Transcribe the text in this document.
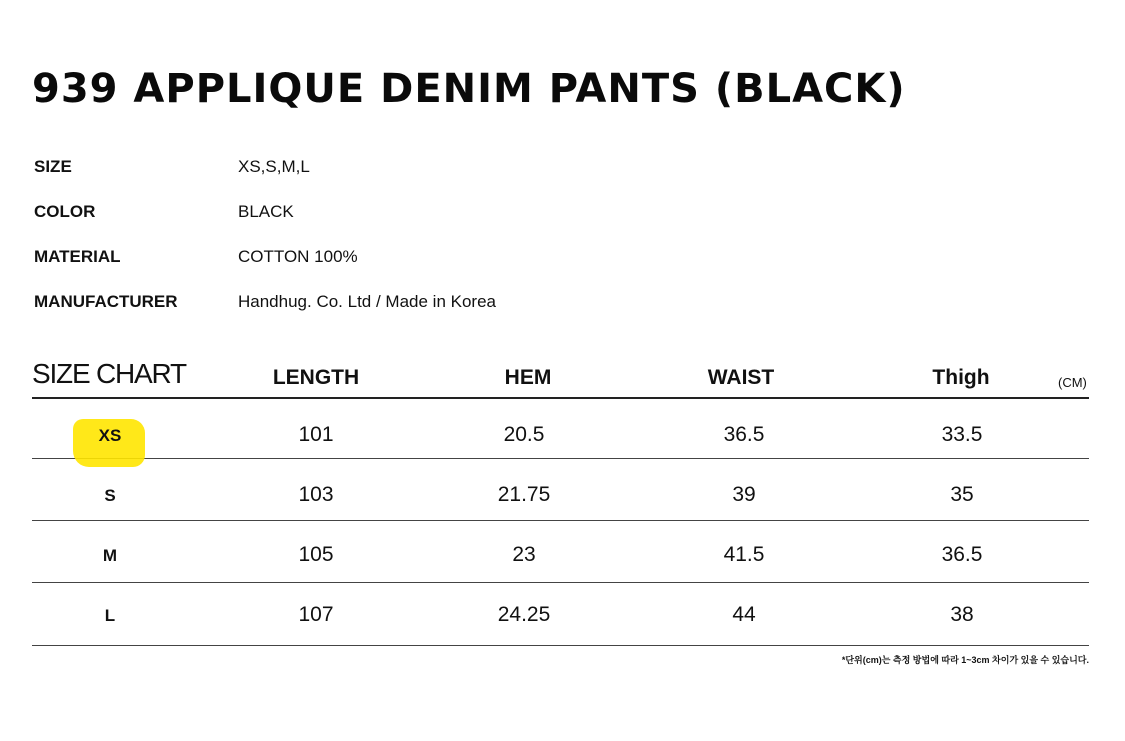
939 APPLIQUE DENIM PANTS (BLACK)
SIZE	XS,S,M,L
COLOR	BLACK
MATERIAL	COTTON 100%
MANUFACTURER	Handhug. Co. Ltd / Made in Korea
SIZE CHART	LENGTH	HEM	WAIST	Thigh	(CM)
XS	101	20.5	36.5	33.5
S	103	21.75	39	35
M	105	23	41.5	36.5
L	107	24.25	44	38
*단위(cm)는 측정 방법에 따라 1~3cm 차이가 있을 수 있습니다.
